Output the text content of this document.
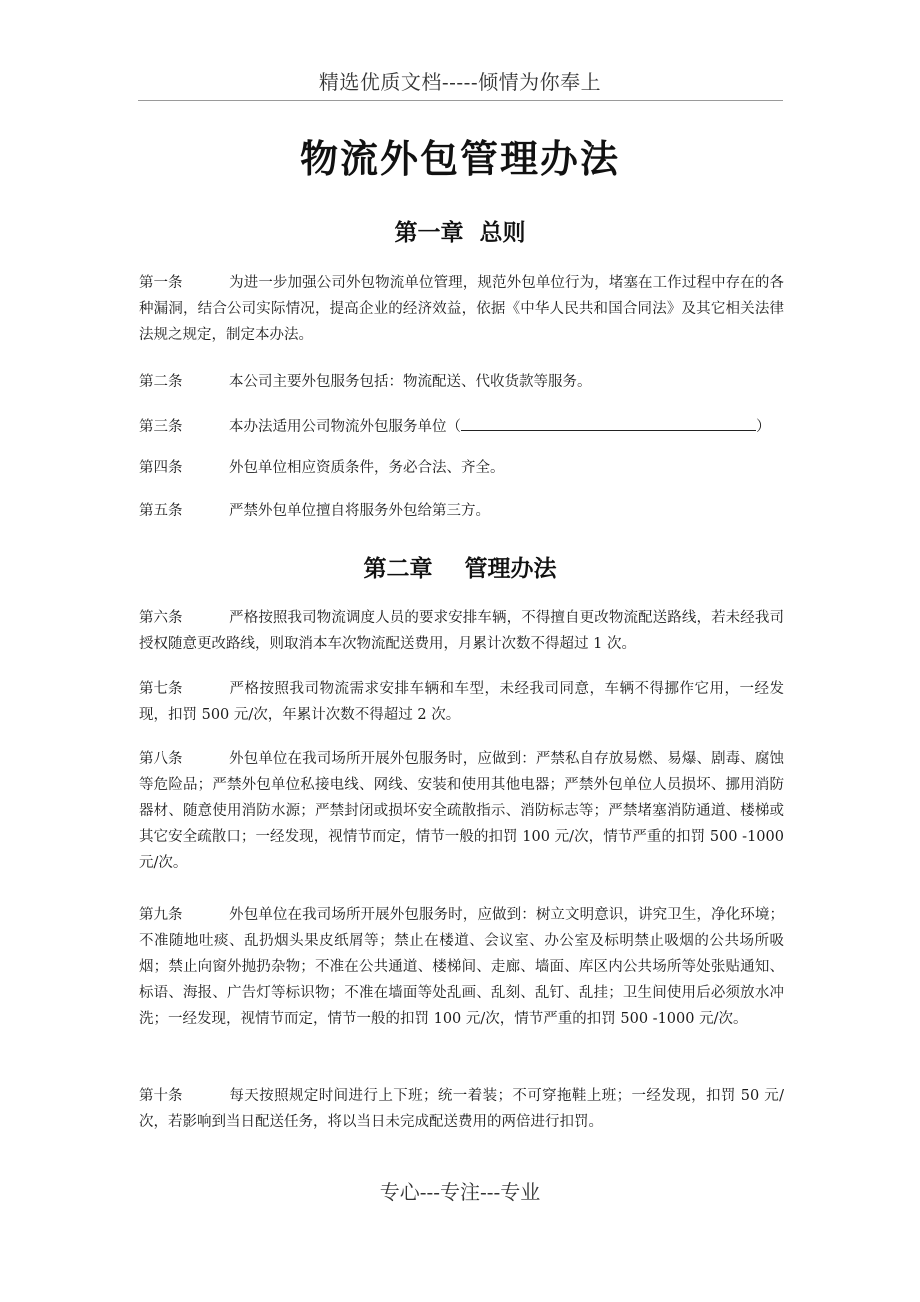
精选优质文档-----倾情为你奉上
物流外包管理办法
第一章  总则
第一条	为进一步加强公司外包物流单位管理，规范外包单位行为，堵塞在工作过程中存在的各种漏洞，结合公司实际情况，提高企业的经济效益，依据《中华人民共和国合同法》及其它相关法律法规之规定，制定本办法。
第二条	本公司主要外包服务包括：物流配送、代收货款等服务。
第三条	本办法适用公司物流外包服务单位（	）
第四条	外包单位相应资质条件，务必合法、齐全。
第五条	严禁外包单位擅自将服务外包给第三方。
第二章    管理办法
第六条	严格按照我司物流调度人员的要求安排车辆，不得擅自更改物流配送路线，若未经我司授权随意更改路线，则取消本车次物流配送费用，月累计次数不得超过 1 次。
第七条	严格按照我司物流需求安排车辆和车型，未经我司同意，车辆不得挪作它用，一经发现，扣罚 500 元/次，年累计次数不得超过 2 次。
第八条	外包单位在我司场所开展外包服务时，应做到：严禁私自存放易燃、易爆、剧毒、腐蚀等危险品；严禁外包单位私接电线、网线、安装和使用其他电器；严禁外包单位人员损坏、挪用消防器材、随意使用消防水源；严禁封闭或损坏安全疏散指示、消防标志等；严禁堵塞消防通道、楼梯或其它安全疏散口；一经发现，视情节而定，情节一般的扣罚 100 元/次，情节严重的扣罚 500 -1000 元/次。
第九条	外包单位在我司场所开展外包服务时，应做到：树立文明意识，讲究卫生，净化环境；不准随地吐痰、乱扔烟头果皮纸屑等；禁止在楼道、会议室、办公室及标明禁止吸烟的公共场所吸烟；禁止向窗外抛扔杂物；不准在公共通道、楼梯间、走廊、墙面、库区内公共场所等处张贴通知、标语、海报、广告灯等标识物；不准在墙面等处乱画、乱刻、乱钉、乱挂；卫生间使用后必须放水冲洗；一经发现，视情节而定，情节一般的扣罚 100 元/次，情节严重的扣罚 500 -1000 元/次。
第十条	每天按照规定时间进行上下班；统一着装；不可穿拖鞋上班；一经发现，扣罚 50 元/次，若影响到当日配送任务，将以当日未完成配送费用的两倍进行扣罚。
专心---专注---专业
